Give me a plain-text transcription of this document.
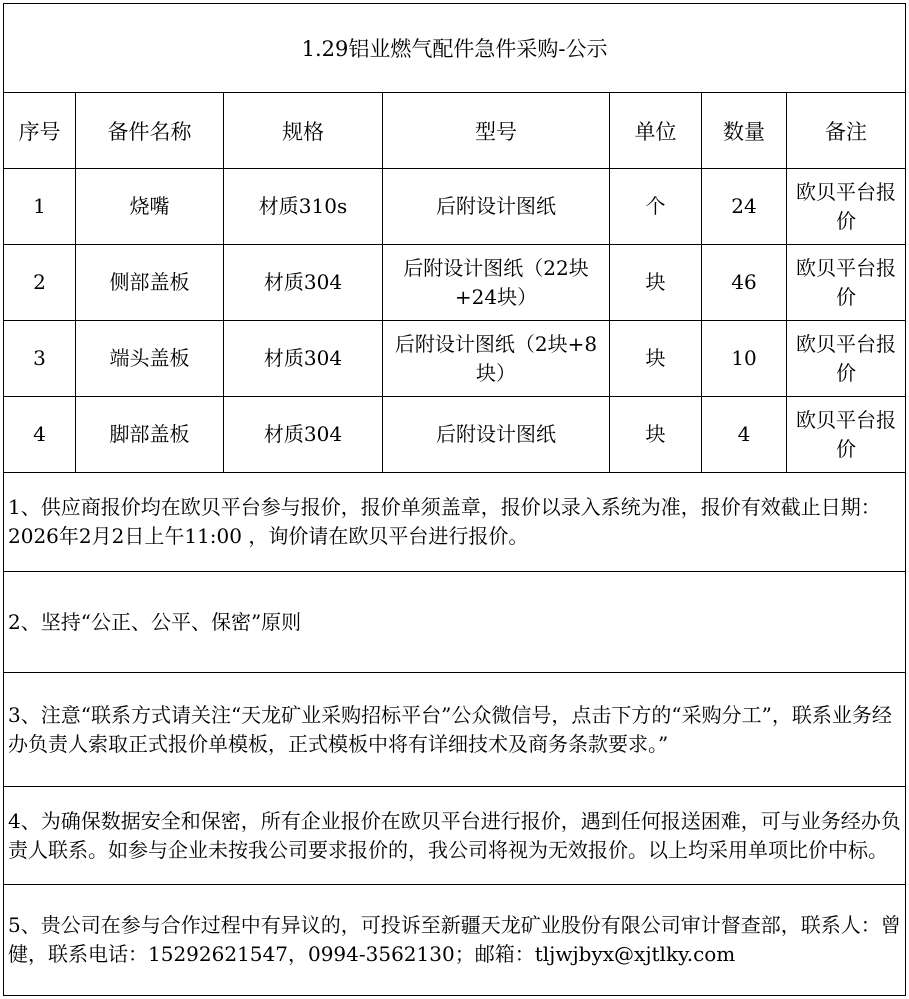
1.29铝业燃气配件急件采购-公示						
序号	备件名称	规格	型号	单位	数量	备注
1	烧嘴	材质310s	后附设计图纸	个	24	欧贝平台报价
2	侧部盖板	材质304	后附设计图纸（22块+24块）	块	46	欧贝平台报价
3	端头盖板	材质304	后附设计图纸（2块+8块）	块	10	欧贝平台报价
4	脚部盖板	材质304	后附设计图纸	块	4	欧贝平台报价
1、供应商报价均在欧贝平台参与报价，报价单须盖章，报价以录入系统为准，报价有效截止日期：2026年2月2日上午11:00 ，询价请在欧贝平台进行报价。						
2、坚持“公正、公平、保密”原则						
3、注意“联系方式请关注“天龙矿业采购招标平台”公众微信号，点击下方的“采购分工”，联系业务经办负责人索取正式报价单模板，正式模板中将有详细技术及商务条款要求。”						
4、为确保数据安全和保密，所有企业报价在欧贝平台进行报价，遇到任何报送困难，可与业务经办负责人联系。如参与企业未按我公司要求报价的，我公司将视为无效报价。以上均采用单项比价中标。						
5、贵公司在参与合作过程中有异议的，可投诉至新疆天龙矿业股份有限公司审计督查部，联系人：曾健，联系电话：15292621547，0994-3562130；邮箱：tljwjbyx@xjtlky.com						
